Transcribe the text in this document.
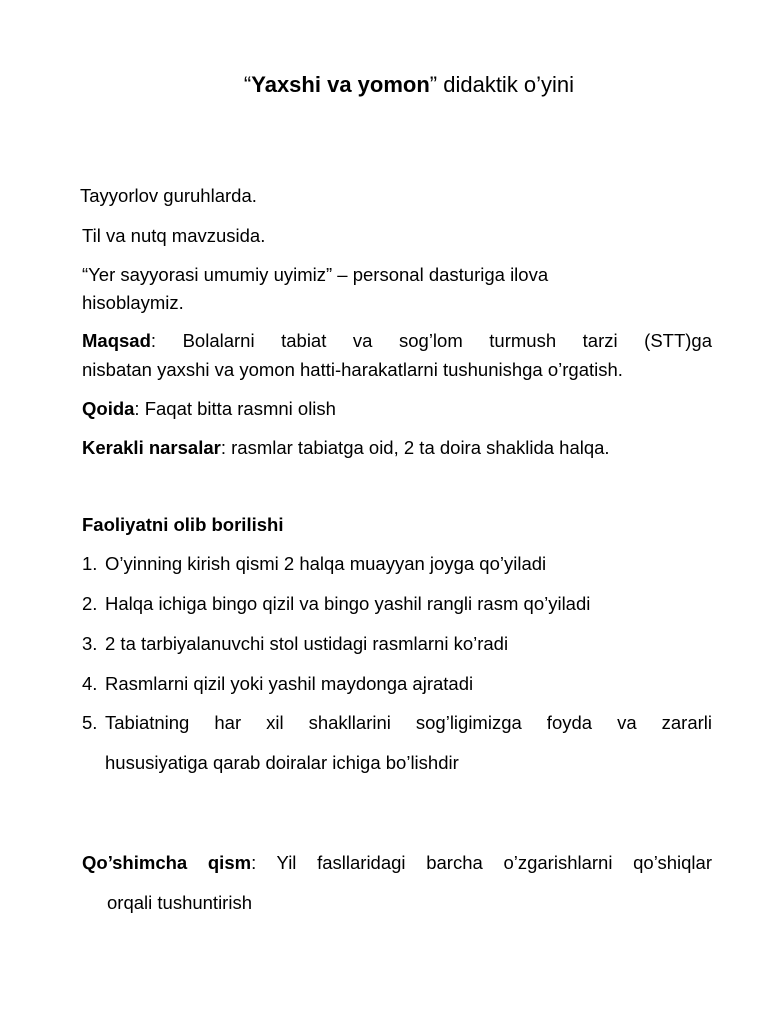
“Yaxshi va yomon” didaktik o’yini
Tayyorlov guruhlarda.
Til va nutq mavzusida.
“Yer sayyorasi umumiy uyimiz” – personal dasturiga ilova
hisoblaymiz.
Maqsad: Bolalarni tabiat va sog’lom turmush tarzi (STT)ga
nisbatan yaxshi va yomon hatti-harakatlarni tushunishga o’rgatish.
Qoida: Faqat bitta rasmni olish
Kerakli narsalar: rasmlar tabiatga oid, 2 ta doira shaklida halqa.
Faoliyatni olib borilishi
1. O’yinning kirish qismi 2 halqa muayyan joyga qo’yiladi
2. Halqa ichiga bingo qizil va bingo yashil rangli rasm qo’yiladi
3. 2 ta tarbiyalanuvchi stol ustidagi rasmlarni ko’radi
4. Rasmlarni qizil yoki yashil maydonga ajratadi
5. Tabiatning har xil shakllarini sog’ligimizga foyda va zararli
hususiyatiga qarab doiralar ichiga bo’lishdir
Qo’shimcha qism: Yil fasllaridagi barcha o’zgarishlarni qo’shiqlar
orqali tushuntirish
